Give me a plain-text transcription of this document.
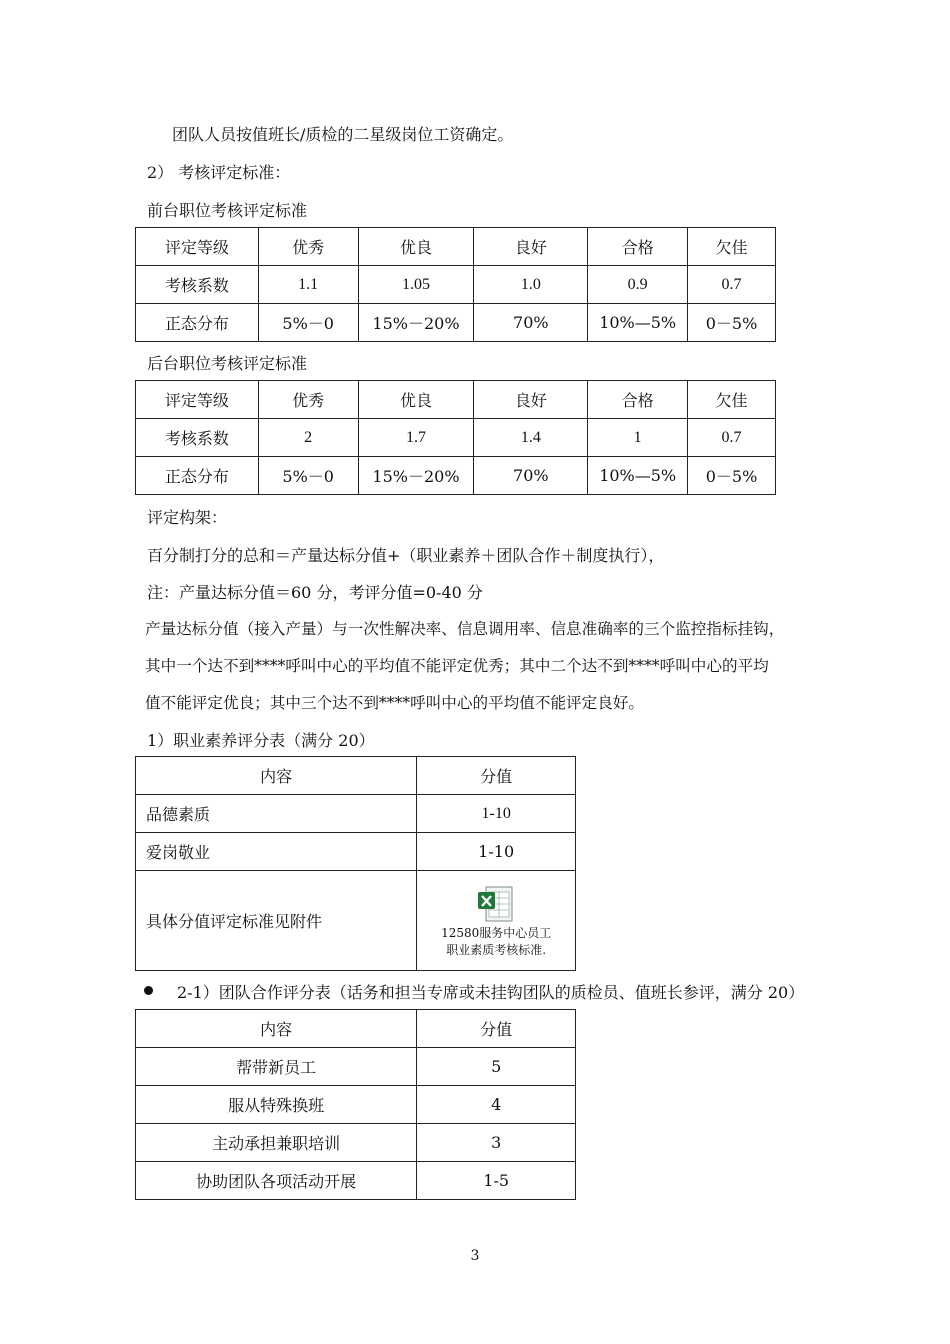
团队人员按值班长/质检的二星级岗位工资确定。
2） 考核评定标准：
前台职位考核评定标准
评定等级	优秀	优良	良好	合格	欠佳
考核系数	1.1	1.05	1.0	0.9	0.7
正态分布	5%－0	15%－20%	70%	10%—5%	0－5%
后台职位考核评定标准
评定等级	优秀	优良	良好	合格	欠佳
考核系数	2	1.7	1.4	1	0.7
正态分布	5%－0	15%－20%	70%	10%—5%	0－5%
评定构架：
百分制打分的总和＝产量达标分值+（职业素养＋团队合作＋制度执行），
注：产量达标分值＝60 分，考评分值=0-40 分
产量达标分值（接入产量）与一次性解决率、信息调用率、信息准确率的三个监控指标挂钩，
其中一个达不到****呼叫中心的平均值不能评定优秀；其中二个达不到****呼叫中心的平均
值不能评定优良；其中三个达不到****呼叫中心的平均值不能评定良好。
1）职业素养评分表（满分 20）
内容	分值
品德素质	1-10
爱岗敬业	1-10
具体分值评定标准见附件	12580服务中心员工
职业素质考核标准.
2-1）团队合作评分表（话务和担当专席或未挂钩团队的质检员、值班长参评，满分 20）
内容	分值
帮带新员工	5
服从特殊换班	4
主动承担兼职培训	3
协助团队各项活动开展	1-5
3
